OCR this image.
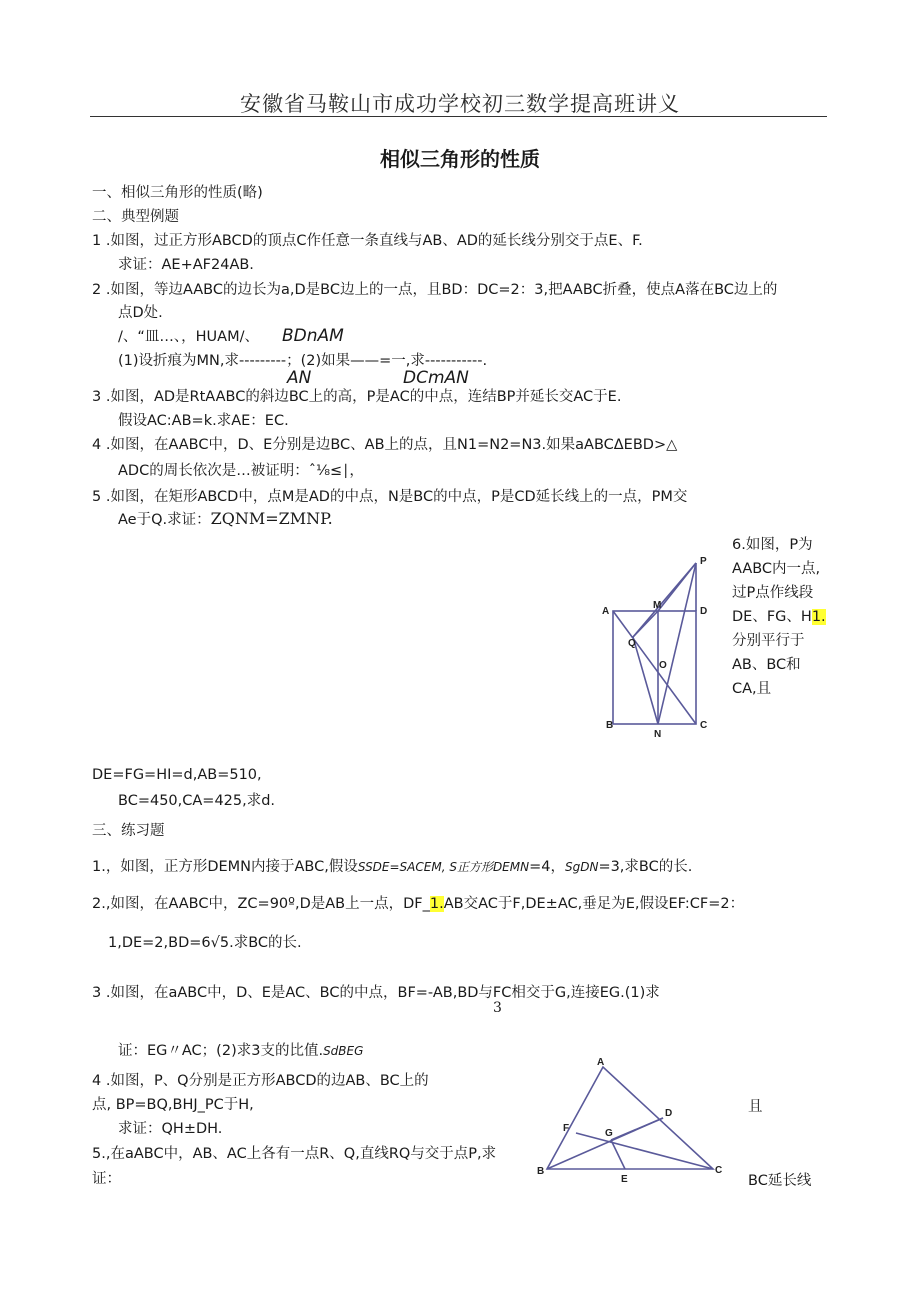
安徽省马鞍山市成功学校初三数学提高班讲义
相似三角形的性质
一、相似三角形的性质(略)
二、典型例题
1 .如图，过正方形ABCD的顶点C作任意一条直线与AB、AD的延长线分别交于点E、F.
求证：AE+AF24AB.
2 .如图，等边AABC的边长为a,D是BC边上的一点，且BD：DC=2：3,把AABC折叠，使点A落在BC边上的
点D处.
/、“皿…、，HUAM/、 BDnAM
(1)设折痕为MN,求---------；(2)如果——=一,求-----------.
AN	DCmAN
3 .如图，AD是RtAABC的斜边BC上的高，P是AC的中点，连结BP并延长交AC于E.
假设AC:AB=k.求AE：EC.
4 .如图，在AABC中，D、E分别是边BC、AB上的点，且N1=N2=N3.如果aABCΔEBD>△
ADC的周长依次是…被证明：ˆ⅛≤∣，
5 .如图，在矩形ABCD中，点M是AD的中点，N是BC的中点，P是CD延长线上的一点，PM交
Ae于Q.求证：ZQNM=ZMNP.
6.如图，P为
AABC内一点,
过P点作线段
DE、FG、H1.
分别平行于
AB、BC和
CA,且
P
A
M
D
Q
O
B
N
C
DE=FG=HI=d,AB=510,
BC=450,CA=425,求d.
三、练习题
1.，如图，正方形DEMN内接于ABC,假设SSDE=SACEM, S正方形DEMN=4，SgDN=3,求BC的长.
2.,如图，在AABC中，ZC=90º,D是AB上一点，DF_1.AB交AC于F,DE±AC,垂足为E,假设EF:CF=2：
1,DE=2,BD=6√5.求BC的长.
3 .如图，在aABC中，D、E是AC、BC的中点，BF=-AB,BD与FC相交于G,连接EG.(1)求
3
证：EG〃AC；(2)求3支的比值.SdBEG
4 .如图，P、Q分别是正方形ABCD的边AB、BC上的
点, BP=BQ,BHJ_PC于H,	且
求证：QH±DH.
5.,在aABC中，AB、AC上各有一点R、Q,直线RQ与交于点P,求
证：	BC延长线
A
D
F	G
B
E
C
